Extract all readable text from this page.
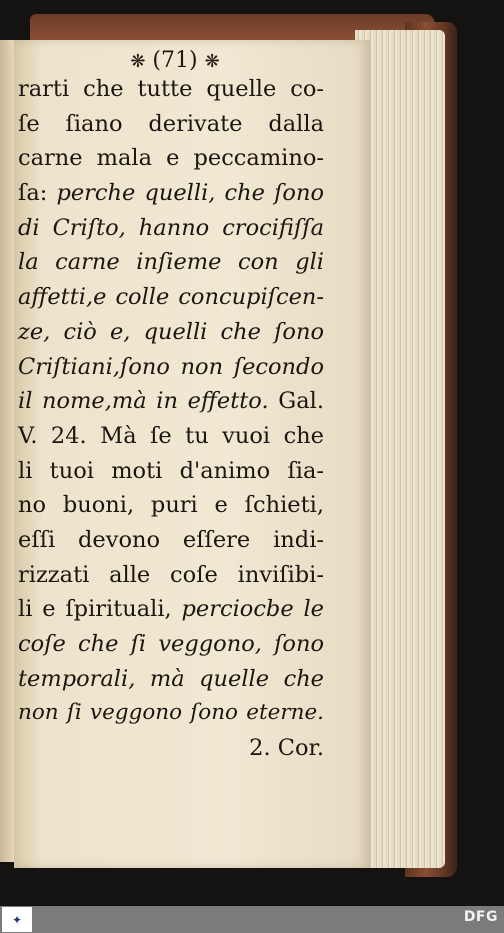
❋ (71) ❋
rarti che tutte quelle co-
ſe ſiano derivate dalla
carne mala e peccamino-
ſa: perche quelli, che ſono
di Criſto, hanno crocifiſſa
la carne inſieme con gli
affetti,e colle concupiſcen-
ze, ciò e, quelli che ſono
Criſtiani,ſono non ſecondo
il nome,mà in effetto. Gal.
V. 24. Mà ſe tu vuoi che
li tuoi moti d'animo ſia-
no buoni, puri e ſchieti,
eſſi devono eſſere indi-
rizzati alle coſe inviſibi-
li e ſpirituali, perciocbe le
coſe che ſi veggono, ſono
temporali, mà quelle che
non ſi veggono ſono eterne.
2. Cor.
✦	DFG
